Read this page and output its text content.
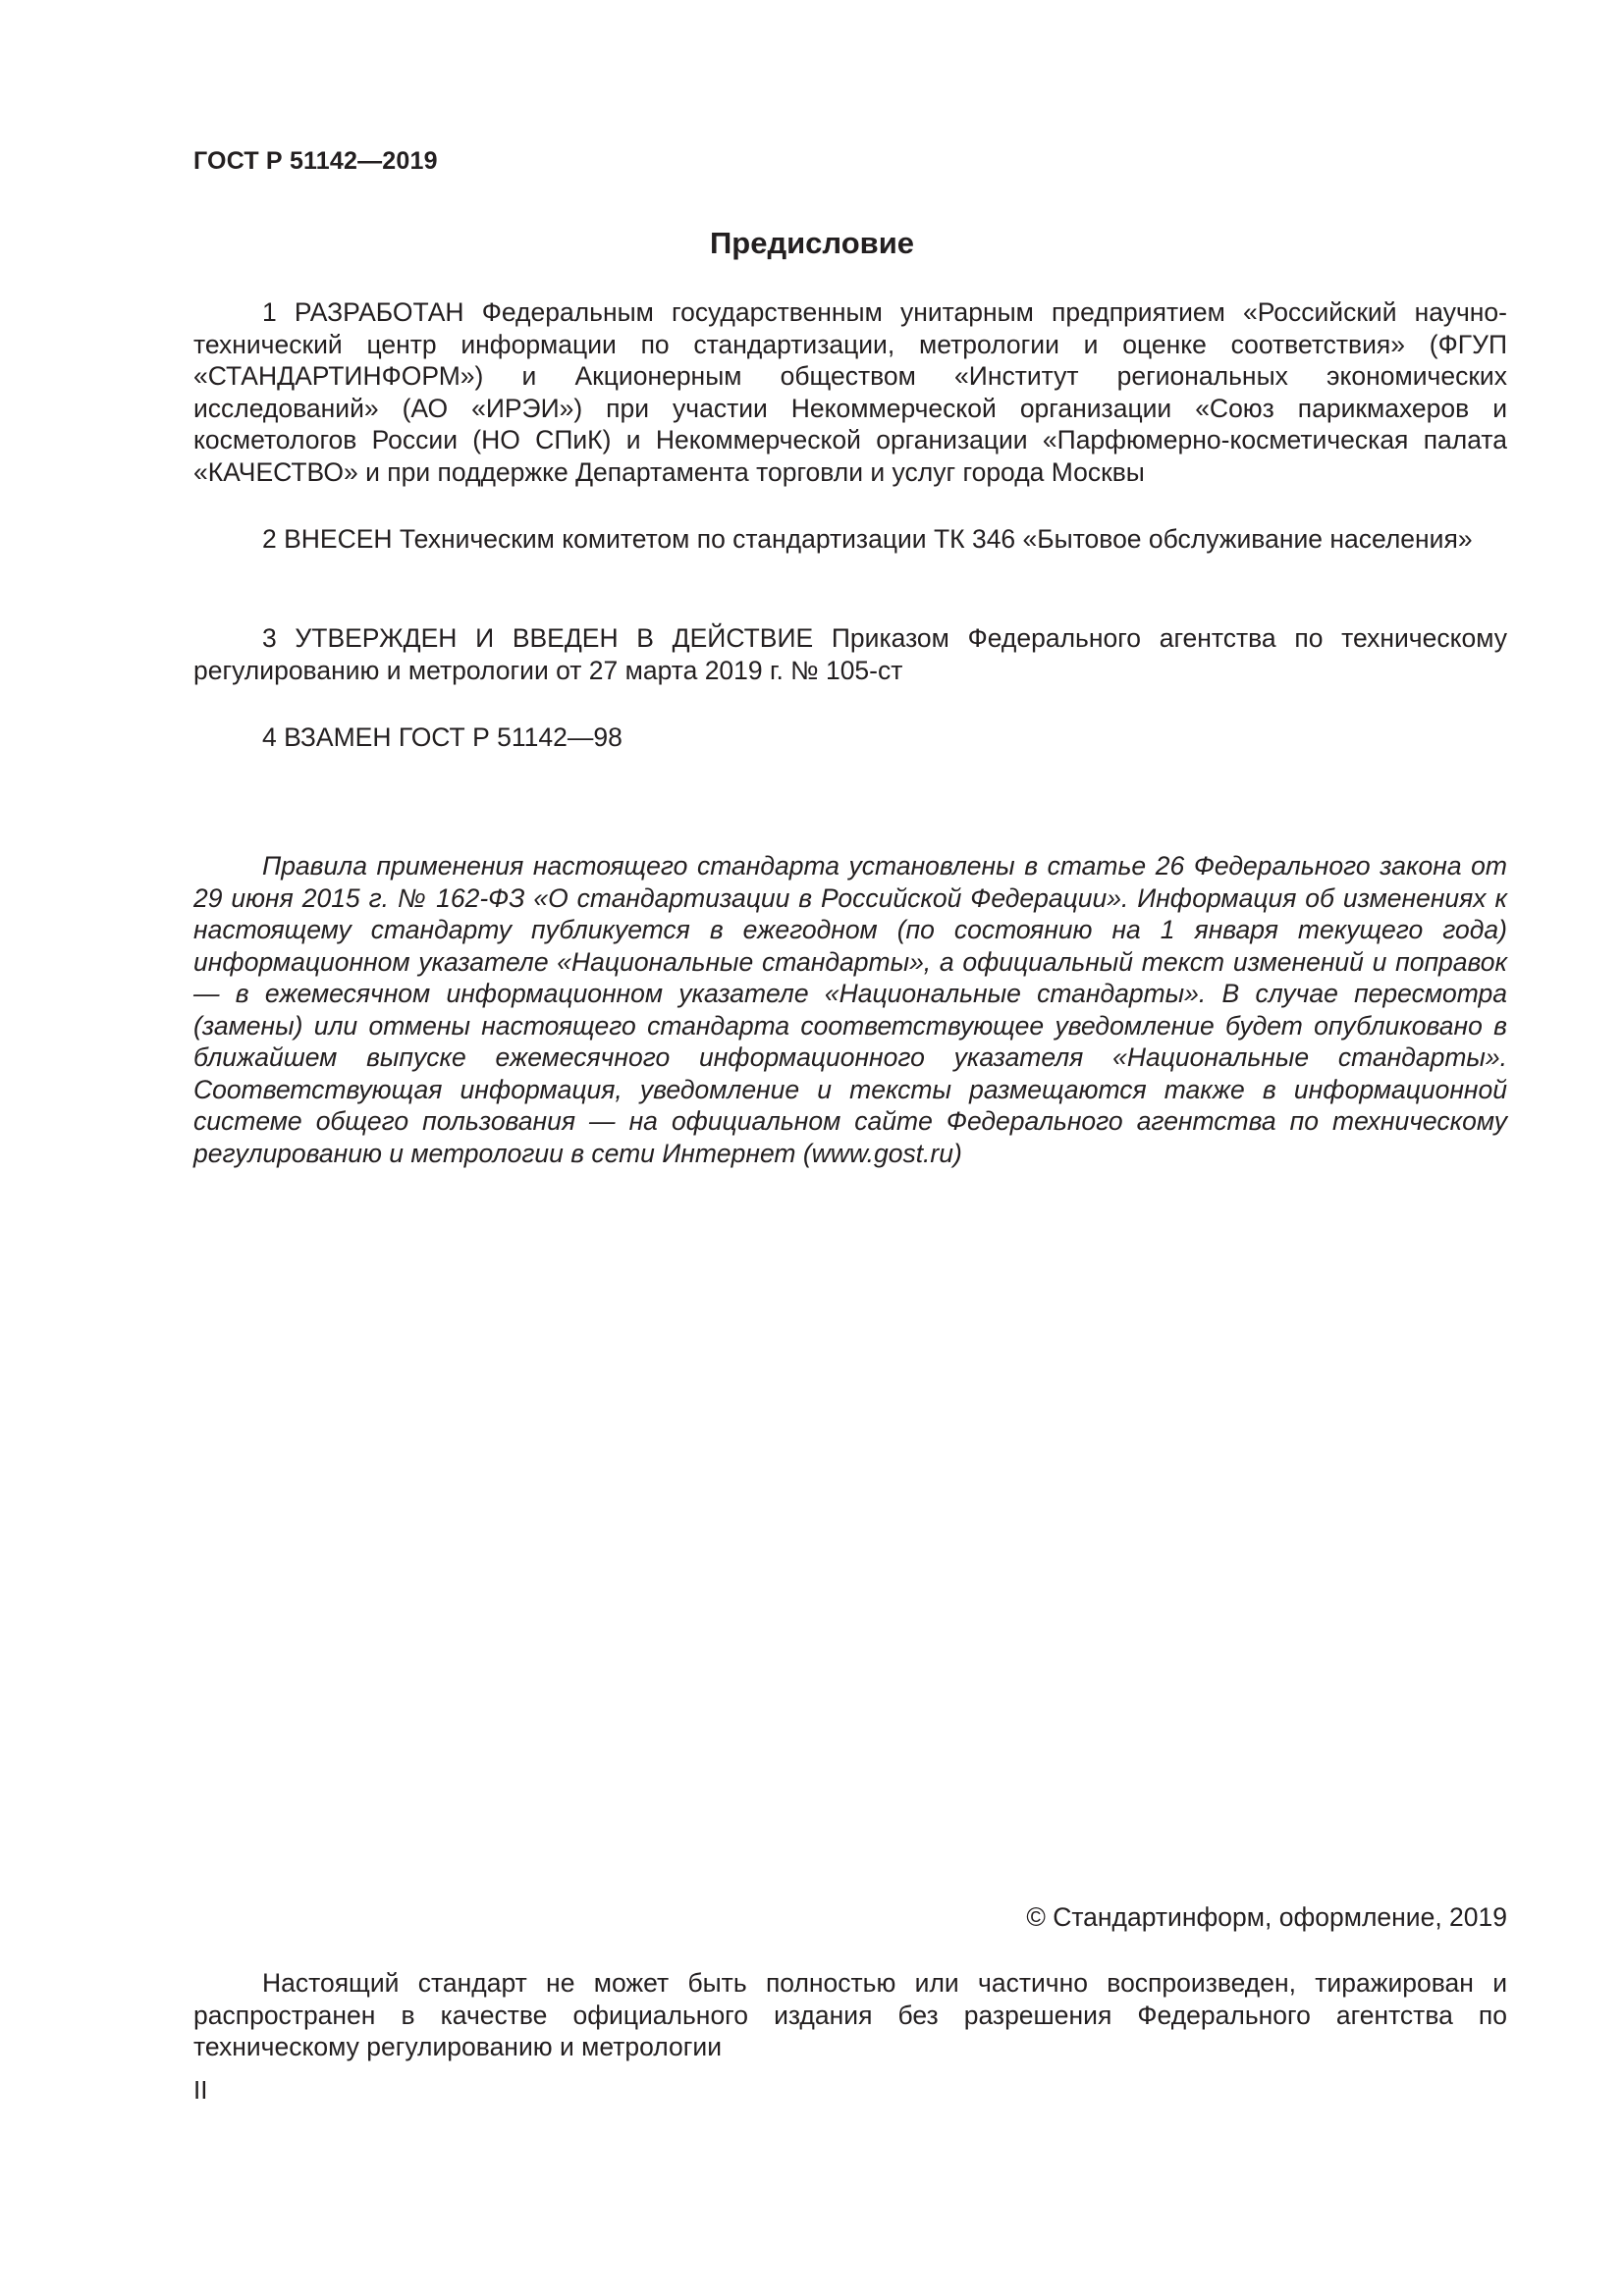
ГОСТ Р 51142—2019
Предисловие

1 РАЗРАБОТАН Федеральным государственным унитарным предприятием «Российский научно-технический центр информации по стандартизации, метрологии и оценке соответствия» (ФГУП «СТАНДАРТИНФОРМ») и Акционерным обществом «Институт региональных экономических исследований» (АО «ИРЭИ») при участии Некоммерческой организации «Союз парикмахеров и косметологов России (НО СПиК) и Некоммерческой организации «Парфюмерно-косметическая палата «КАЧЕСТВО» и при поддержке Департамента торговли и услуг города Москвы

2 ВНЕСЕН Техническим комитетом по стандартизации ТК 346 «Бытовое обслуживание населения»

3 УТВЕРЖДЕН И ВВЕДЕН В ДЕЙСТВИЕ Приказом Федерального агентства по техническому регулированию и метрологии от 27 марта 2019 г. № 105-ст

4 ВЗАМЕН ГОСТ Р 51142—98

Правила применения настоящего стандарта установлены в статье 26 Федерального закона от 29 июня 2015 г. № 162-ФЗ «О стандартизации в Российской Федерации». Информация об изменениях к настоящему стандарту публикуется в ежегодном (по состоянию на 1 января текущего года) информационном указателе «Национальные стандарты», а официальный текст изменений и поправок — в ежемесячном информационном указателе «Национальные стандарты». В случае пересмотра (замены) или отмены настоящего стандарта соответствующее уведомление будет опубликовано в ближайшем выпуске ежемесячного информационного указателя «Национальные стандарты». Соответствующая информация, уведомление и тексты размещаются также в информационной системе общего пользования — на официальном сайте Федерального агентства по техническому регулированию и метрологии в сети Интернет (www.gost.ru)

© Стандартинформ, оформление, 2019

Настоящий стандарт не может быть полностью или частично воспроизведен, тиражирован и распространен в качестве официального издания без разрешения Федерального агентства по техническому регулированию и метрологии

II
